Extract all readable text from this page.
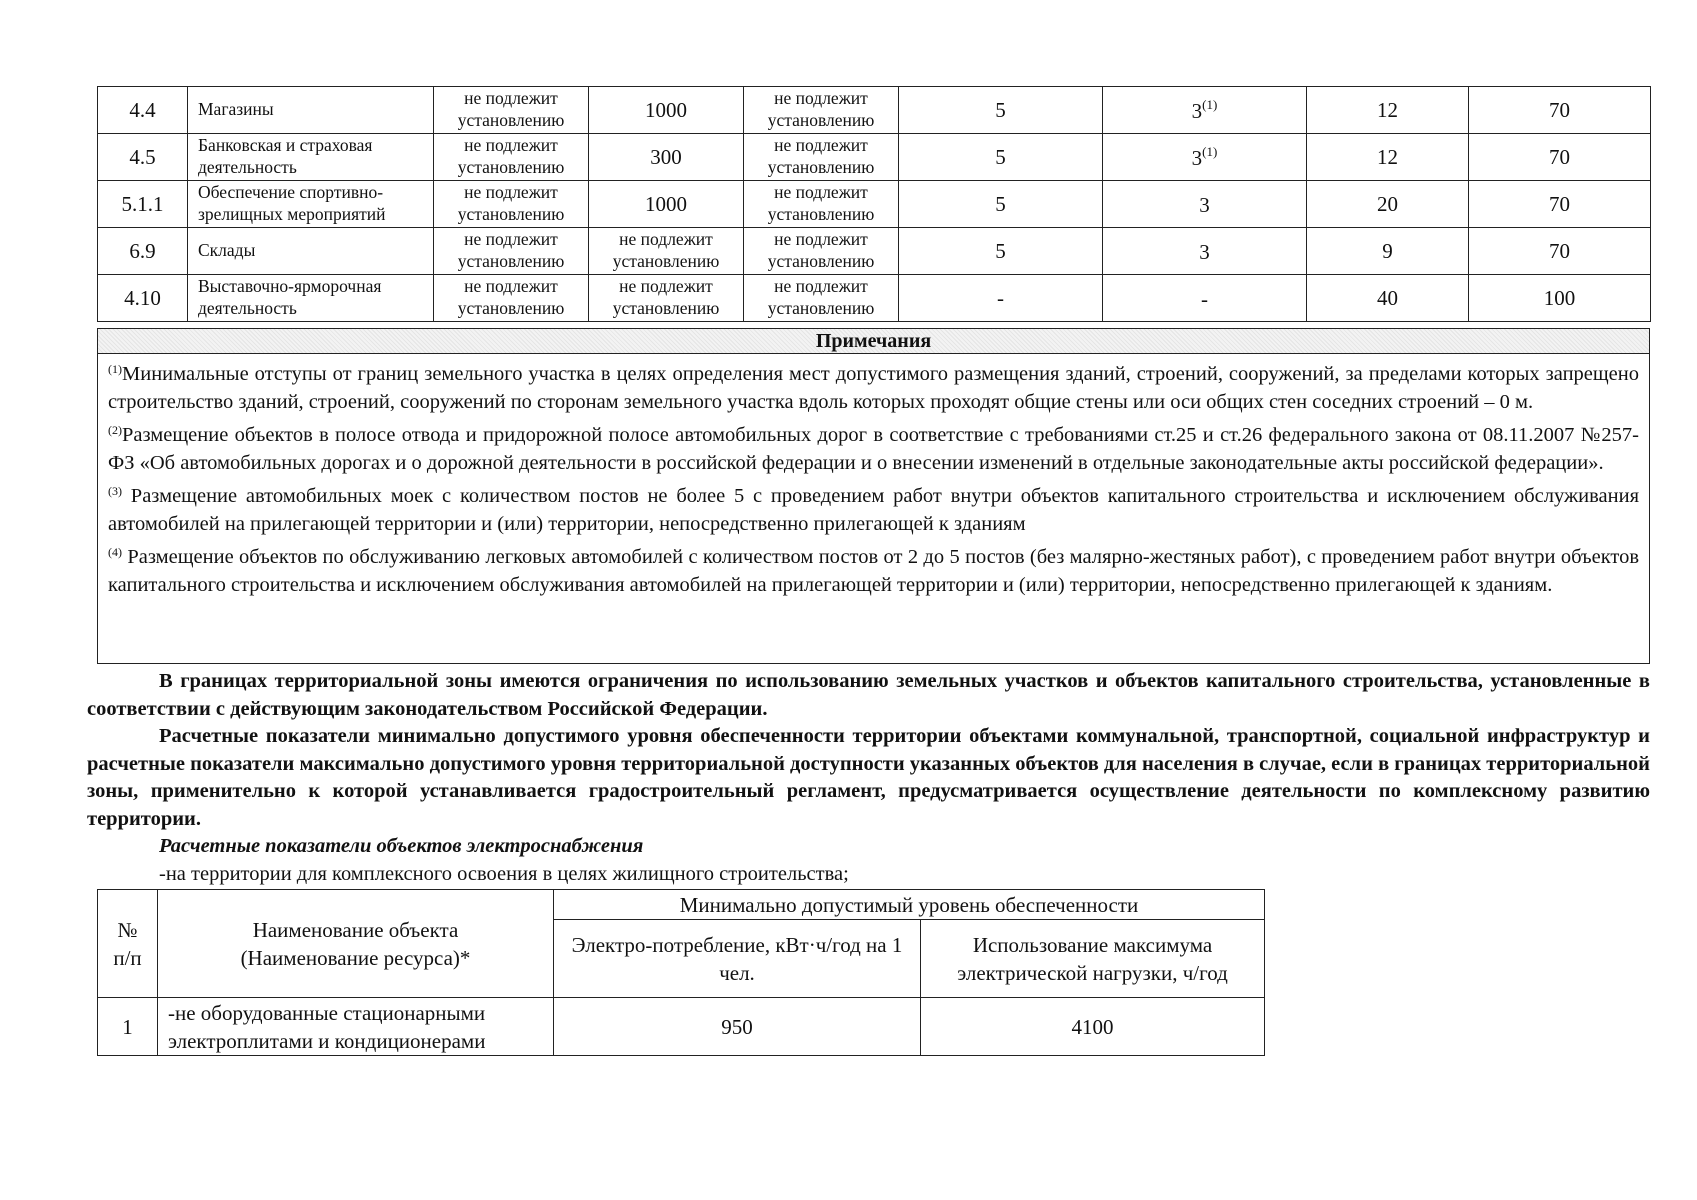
4.4	Магазины	не подлежит установлению	1000	не подлежит установлению	5	3$^{(1)}$	12	70
4.5	Банковская и страховая деятельность	не подлежит установлению	300	не подлежит установлению	5	3$^{(1)}$	12	70
5.1.1	Обеспечение спортивно-зрелищных мероприятий	не подлежит установлению	1000	не подлежит установлению	5	3	20	70
6.9	Склады	не подлежит установлению	не подлежит установлению	не подлежит установлению	5	3	9	70
4.10	Выставочно-ярморочная деятельность	не подлежит установлению	не подлежит установлению	не подлежит установлению	-	-	40	100
Примечания

$^{(1)}$Минимальные отступы от границ земельного участка в целях определения мест допустимого размещения зданий, строений, сооружений, за пределами которых запрещено строительство зданий, строений, сооружений по сторонам земельного участка вдоль которых проходят общие стены или оси общих стен соседних строений – 0 м.

$^{(2)}$Размещение объектов в полосе отвода и придорожной полосе автомобильных дорог в соответствие с требованиями ст.25 и ст.26 федерального закона от 08.11.2007 №257-ФЗ «Об автомобильных дорогах и о дорожной деятельности в российской федерации и о внесении изменений в отдельные законодательные акты российской федерации».

$^{(3)}$ Размещение автомобильных моек с количеством постов не более 5 с проведением работ внутри объектов капитального строительства и исключением обслуживания автомобилей на прилегающей территории и (или) территории, непосредственно прилегающей к зданиям

$^{(4)}$ Размещение объектов по обслуживанию легковых автомобилей с количеством постов от 2 до 5 постов (без малярно-жестяных работ), с проведением работ внутри объектов капитального строительства и исключением обслуживания автомобилей на прилегающей территории и (или) территории, непосредственно прилегающей к зданиям.

В границах территориальной зоны имеются ограничения по использованию земельных участков и объектов капитального строительства, установленные в соответствии с действующим законодательством Российской Федерации.

Расчетные показатели минимально допустимого уровня обеспеченности территории объектами коммунальной, транспортной, социальной инфраструктур и расчетные показатели максимально допустимого уровня территориальной доступности указанных объектов для населения в случае, если в границах территориальной зоны, применительно к которой устанавливается градостроительный регламент, предусматривается осуществление деятельности по комплексному развитию территории.

Расчетные показатели объектов электроснабжения

-на территории для комплексного освоения в целях жилищного строительства;

№ п/п	Наименование объекта (Наименование ресурса)*	Минимально допустимый уровень обеспеченности	
		Электро-потребление, кВт·ч/год на 1 чел.	Использование максимума электрической нагрузки, ч/год
1	-не оборудованные стационарными электроплитами и кондиционерами	950	4100
